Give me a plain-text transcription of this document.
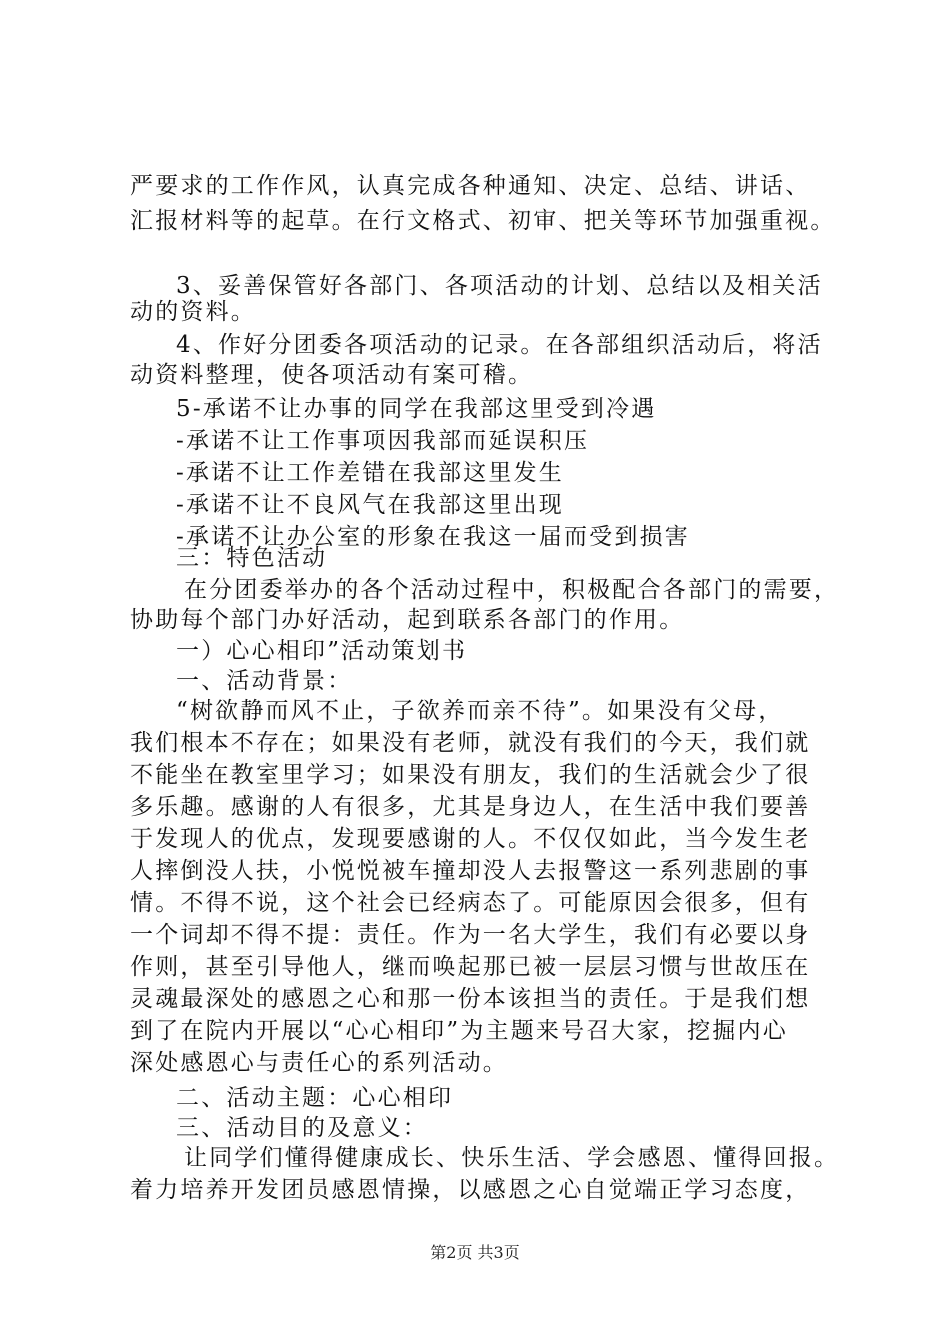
严要求的工作作风，认真完成各种通知、决定、总结、讲话、
汇报材料等的起草。在行文格式、初审、把关等环节加强重视。
3、妥善保管好各部门、各项活动的计划、总结以及相关活
动的资料。
4、作好分团委各项活动的记录。在各部组织活动后，将活
动资料整理，使各项活动有案可稽。
5-承诺不让办事的同学在我部这里受到冷遇
-承诺不让工作事项因我部而延误积压
-承诺不让工作差错在我部这里发生
-承诺不让不良风气在我部这里出现
-承诺不让办公室的形象在我这一届而受到损害
三：特色活动
在分团委举办的各个活动过程中，积极配合各部门的需要，
协助每个部门办好活动，起到联系各部门的作用。
一）心心相印”活动策划书
一、活动背景：
“树欲静而风不止，子欲养而亲不待”。如果没有父母，
我们根本不存在；如果没有老师，就没有我们的今天，我们就
不能坐在教室里学习；如果没有朋友，我们的生活就会少了很
多乐趣。感谢的人有很多，尤其是身边人，在生活中我们要善
于发现人的优点，发现要感谢的人。不仅仅如此，当今发生老
人摔倒没人扶，小悦悦被车撞却没人去报警这一系列悲剧的事
情。不得不说，这个社会已经病态了。可能原因会很多，但有
一个词却不得不提：责任。作为一名大学生，我们有必要以身
作则，甚至引导他人，继而唤起那已被一层层习惯与世故压在
灵魂最深处的感恩之心和那一份本该担当的责任。于是我们想
到了在院内开展以“心心相印”为主题来号召大家，挖掘内心
深处感恩心与责任心的系列活动。
二、活动主题：心心相印
三、活动目的及意义：
让同学们懂得健康成长、快乐生活、学会感恩、懂得回报。
着力培养开发团员感恩情操，以感恩之心自觉端正学习态度，
第2页 共3页
